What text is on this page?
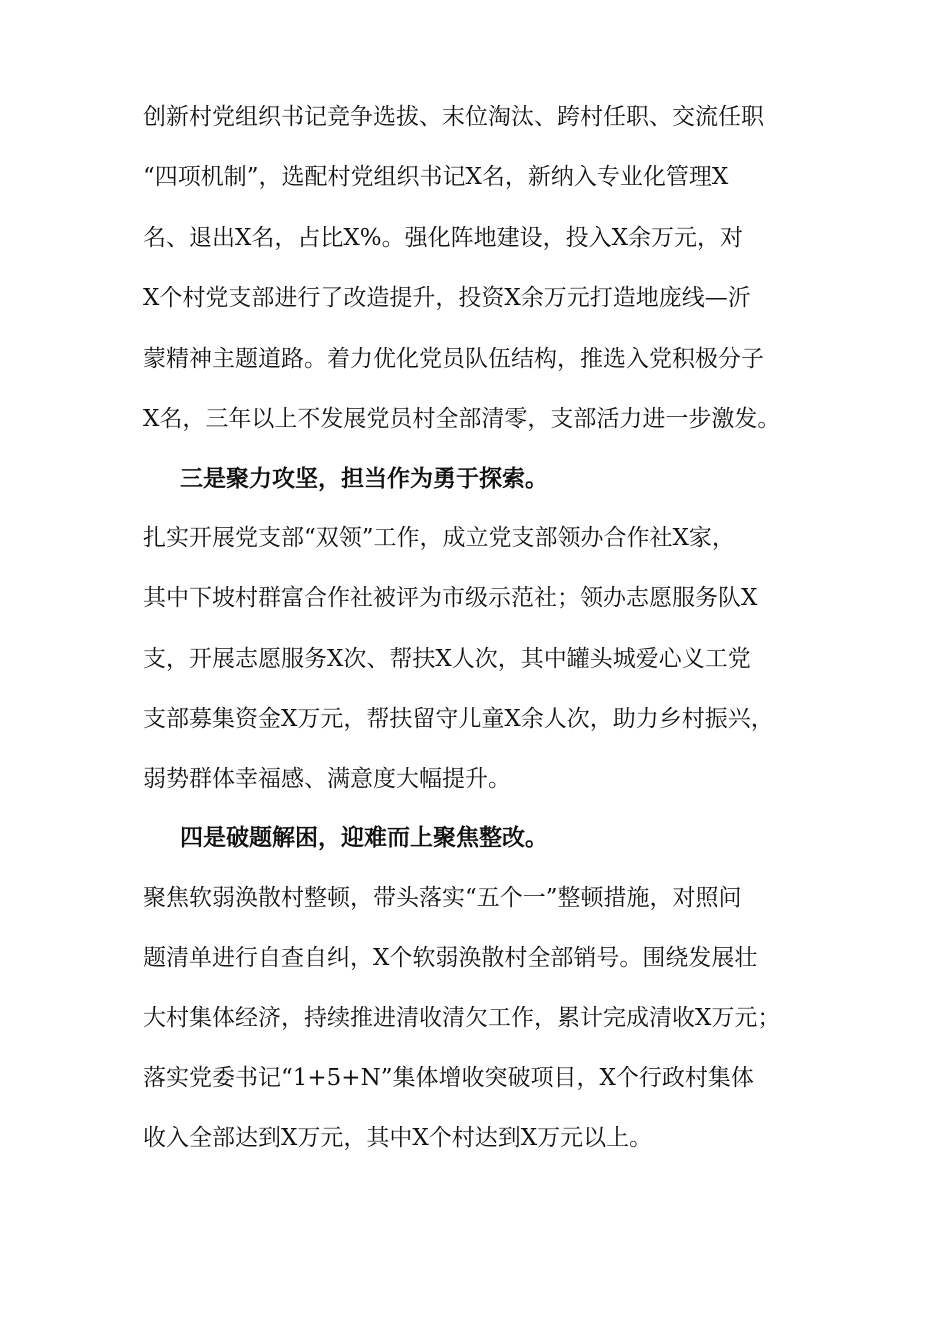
创新村党组织书记竞争选拔、末位淘汰、跨村任职、交流任职
“四项机制”，选配村党组织书记X名，新纳入专业化管理X
名、退出X名，占比X%。强化阵地建设，投入X余万元，对
X个村党支部进行了改造提升，投资X余万元打造地庞线—沂
蒙精神主题道路。着力优化党员队伍结构，推选入党积极分子
X名，三年以上不发展党员村全部清零，支部活力进一步激发。
三是聚力攻坚，担当作为勇于探索。
扎实开展党支部“双领”工作，成立党支部领办合作社X家，
其中下坡村群富合作社被评为市级示范社；领办志愿服务队X
支，开展志愿服务X次、帮扶X人次，其中罐头城爱心义工党
支部募集资金X万元，帮扶留守儿童X余人次，助力乡村振兴，
弱势群体幸福感、满意度大幅提升。
四是破题解困，迎难而上聚焦整改。
聚焦软弱涣散村整顿，带头落实“五个一”整顿措施，对照问
题清单进行自查自纠，X个软弱涣散村全部销号。围绕发展壮
大村集体经济，持续推进清收清欠工作，累计完成清收X万元；
落实党委书记“1+5+N”集体增收突破项目，X个行政村集体
收入全部达到X万元，其中X个村达到X万元以上。
